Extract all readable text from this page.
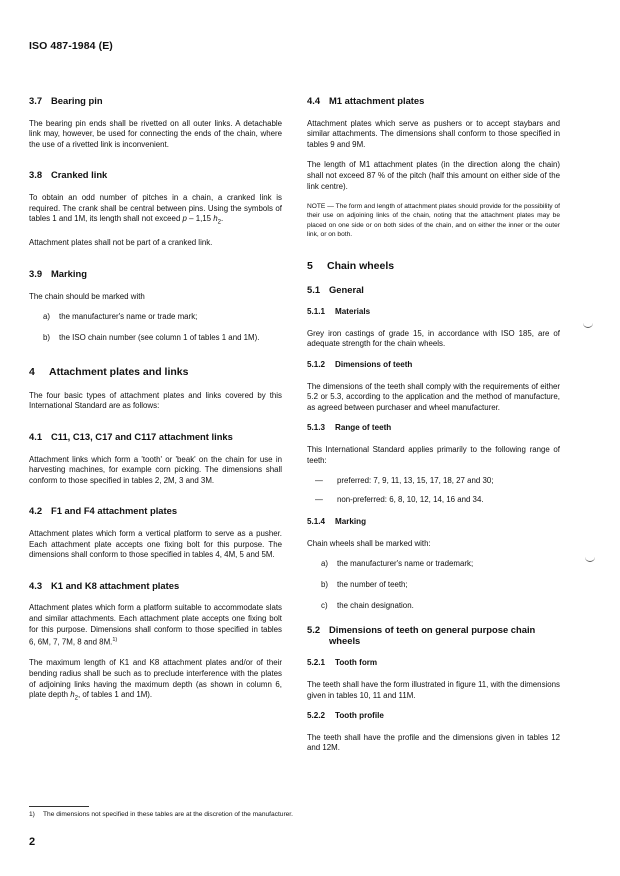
ISO 487-1984 (E)
3.7 Bearing pin

The bearing pin ends shall be rivetted on all outer links. A detachable link may, however, be used for connecting the ends of the chain, where the use of a rivetted link is inconvenient.

3.8 Cranked link

To obtain an odd number of pitches in a chain, a cranked link is required. The crank shall be central between pins. Using the symbols of tables 1 and 1M, its length shall not exceed p – 1,15 $h_2$.

Attachment plates shall not be part of a cranked link.

3.9 Marking

The chain should be marked with

a)	the manufacturer's name or trade mark;
b)	the ISO chain number (see column 1 of tables 1 and 1M).
4 Attachment plates and links

The four basic types of attachment plates and links covered by this International Standard are as follows:

4.1 C11, C13, C17 and C117 attachment links

Attachment links which form a 'tooth' or 'beak' on the chain for use in harvesting machines, for example corn picking. The dimensions shall conform to those specified in tables 2, 2M, 3 and 3M.

4.2 F1 and F4 attachment plates

Attachment plates which form a vertical platform to serve as a pusher. Each attachment plate accepts one fixing bolt for this purpose. The dimensions shall conform to those specified in tables 4, 4M, 5 and 5M.

4.3 K1 and K8 attachment plates

Attachment plates which form a platform suitable to accommodate slats and similar attachments. Each attachment plate accepts one fixing bolt for this purpose. Dimensions shall conform to those specified in tables 6, 6M, 7, 7M, 8 and 8M.$^{1)}$

The maximum length of K1 and K8 attachment plates and/or of their bending radius shall be such as to preclude interference with the plates of adjoining links having the maximum depth (as shown in column 6, plate depth $h_2$, of tables 1 and 1M).

4.4 M1 attachment plates

Attachment plates which serve as pushers or to accept staybars and similar attachments. The dimensions shall conform to those specified in tables 9 and 9M.

The length of M1 attachment plates (in the direction along the chain) shall not exceed 87 % of the pitch (half this amount on either side of the link centre).

NOTE — The form and length of attachment plates should provide for the possibility of their use on adjoining links of the chain, noting that the attachment plates may be placed on one side or on both sides of the chain, and on either the inner or the outer link, or on both.
5 Chain wheels
5.1 General
5.1.1 Materials

Grey iron castings of grade 15, in accordance with ISO 185, are of adequate strength for the chain wheels.

5.1.2 Dimensions of teeth

The dimensions of the teeth shall comply with the requirements of either 5.2 or 5.3, according to the application and the method of manufacture, as agreed between purchaser and wheel manufacturer.

5.1.3 Range of teeth

This International Standard applies primarily to the following range of teeth:

—	preferred: 7, 9, 11, 13, 15, 17, 18, 27 and 30;
—	non-preferred: 6, 8, 10, 12, 14, 16 and 34.
5.1.4 Marking

Chain wheels shall be marked with:

a)	the manufacturer's name or trademark;
b)	the number of teeth;
c)	the chain designation.
5.2 Dimensions of teeth on general purpose chain wheels
5.2.1 Tooth form

The teeth shall have the form illustrated in figure 11, with the dimensions given in tables 10, 11 and 11M.

5.2.2 Tooth profile

The teeth shall have the profile and the dimensions given in tables 12 and 12M.

1) The dimensions not specified in these tables are at the discretion of the manufacturer.
2
